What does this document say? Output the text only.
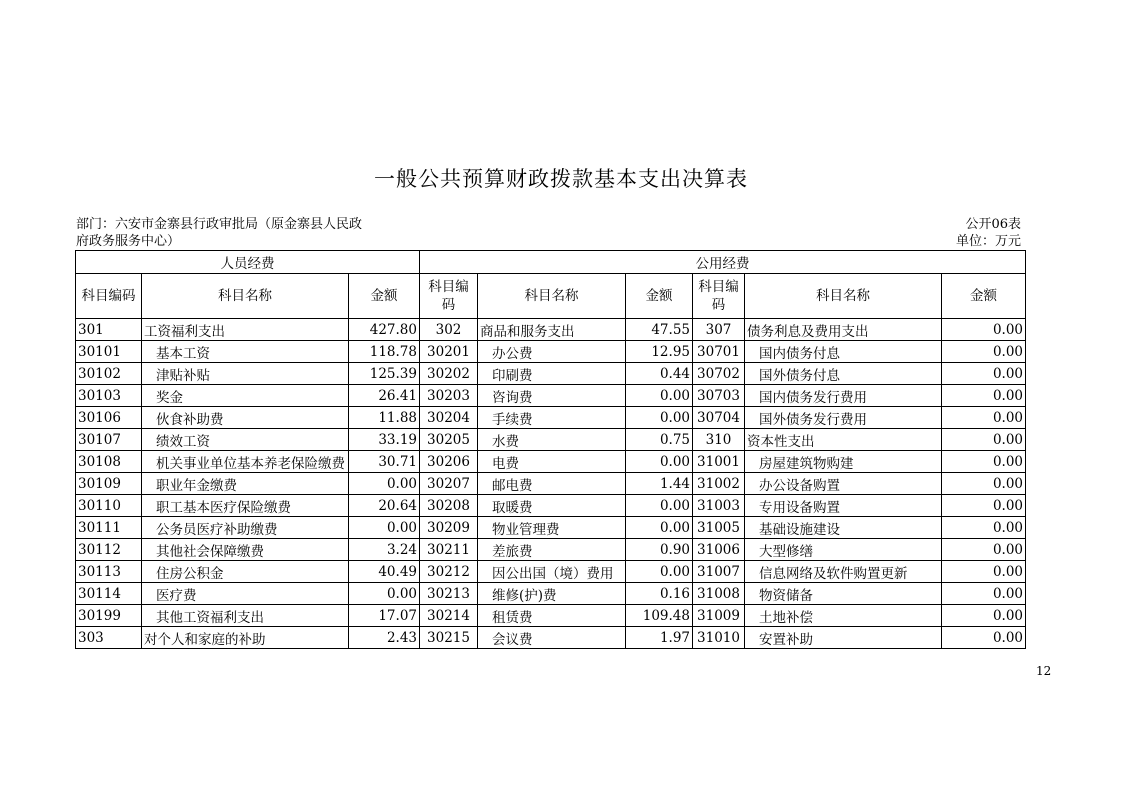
一般公共预算财政拨款基本支出决算表
部门：六安市金寨县行政审批局（原金寨县人民政府政务服务中心）
公开06表
单位：万元
人员经费			公用经费					
科目编码	科目名称	金额	科目编码	科目名称	金额	科目编码	科目名称	金额
301	工资福利支出	427.80	302	商品和服务支出	47.55	307	债务利息及费用支出	0.00
30101	基本工资	118.78	30201	办公费	12.95	30701	国内债务付息	0.00
30102	津贴补贴	125.39	30202	印刷费	0.44	30702	国外债务付息	0.00
30103	奖金	26.41	30203	咨询费	0.00	30703	国内债务发行费用	0.00
30106	伙食补助费	11.88	30204	手续费	0.00	30704	国外债务发行费用	0.00
30107	绩效工资	33.19	30205	水费	0.75	310	资本性支出	0.00
30108	机关事业单位基本养老保险缴费	30.71	30206	电费	0.00	31001	房屋建筑物购建	0.00
30109	职业年金缴费	0.00	30207	邮电费	1.44	31002	办公设备购置	0.00
30110	职工基本医疗保险缴费	20.64	30208	取暖费	0.00	31003	专用设备购置	0.00
30111	公务员医疗补助缴费	0.00	30209	物业管理费	0.00	31005	基础设施建设	0.00
30112	其他社会保障缴费	3.24	30211	差旅费	0.90	31006	大型修缮	0.00
30113	住房公积金	40.49	30212	因公出国（境）费用	0.00	31007	信息网络及软件购置更新	0.00
30114	医疗费	0.00	30213	维修(护)费	0.16	31008	物资储备	0.00
30199	其他工资福利支出	17.07	30214	租赁费	109.48	31009	土地补偿	0.00
303	对个人和家庭的补助	2.43	30215	会议费	1.97	31010	安置补助	0.00
12
